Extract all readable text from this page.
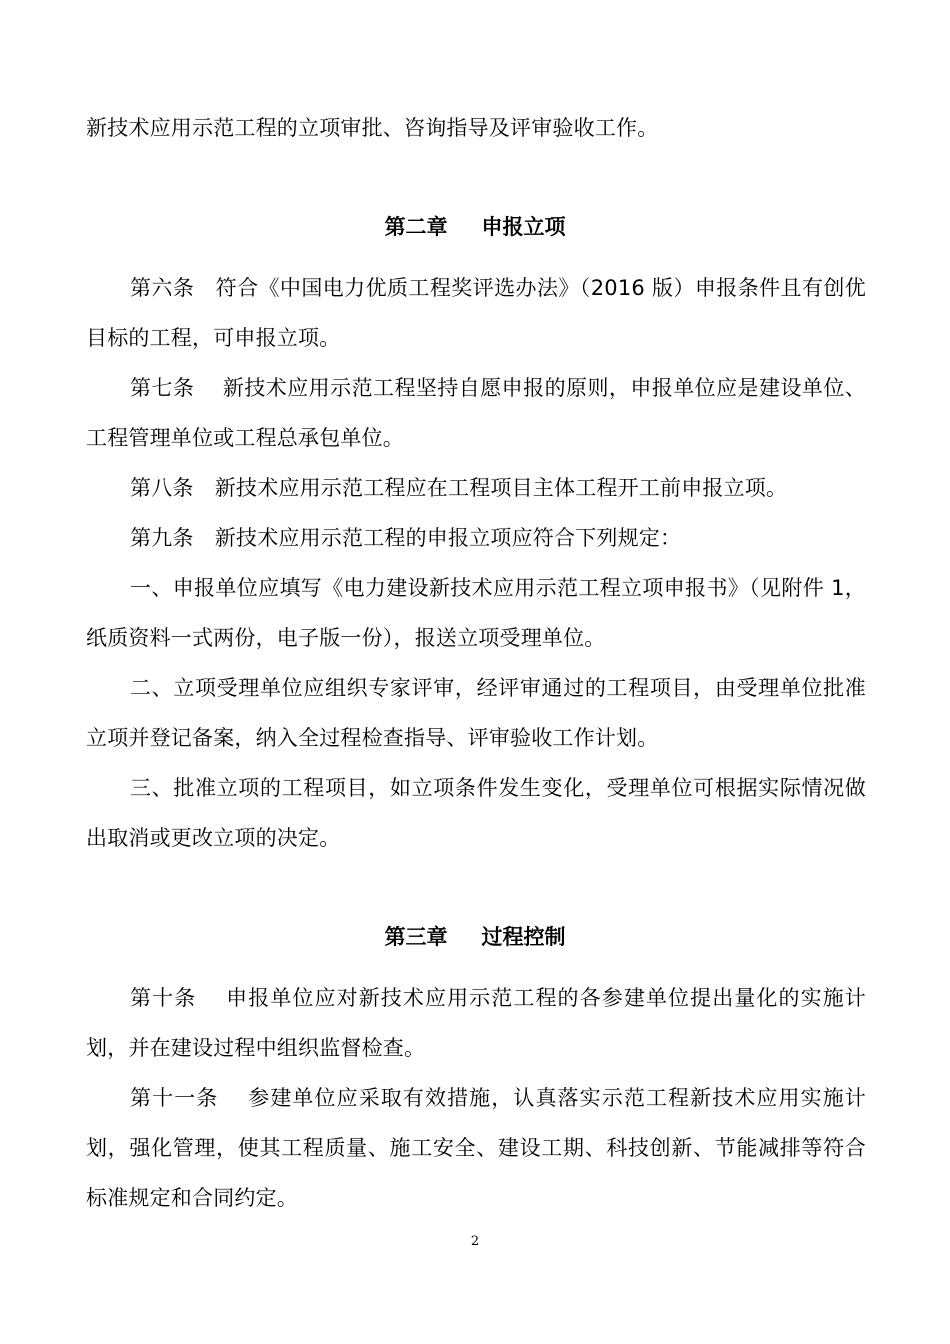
新技术应用示范工程的立项审批、咨询指导及评审验收工作。

第二章 申报立项

第六条　符合《中国电力优质工程奖评选办法》（2016 版）申报条件且有创优目标的工程，可申报立项。

第七条　 新技术应用示范工程坚持自愿申报的原则，申报单位应是建设单位、工程管理单位或工程总承包单位。

第八条　新技术应用示范工程应在工程项目主体工程开工前申报立项。

第九条　新技术应用示范工程的申报立项应符合下列规定：

一、申报单位应填写《电力建设新技术应用示范工程立项申报书》（见附件 1，纸质资料一式两份，电子版一份），报送立项受理单位。

二、立项受理单位应组织专家评审，经评审通过的工程项目，由受理单位批准立项并登记备案，纳入全过程检查指导、评审验收工作计划。

三、批准立项的工程项目，如立项条件发生变化，受理单位可根据实际情况做出取消或更改立项的决定。

第三章 过程控制

第十条　 申报单位应对新技术应用示范工程的各参建单位提出量化的实施计划，并在建设过程中组织监督检查。

第十一条　 参建单位应采取有效措施，认真落实示范工程新技术应用实施计划，强化管理，使其工程质量、施工安全、建设工期、科技创新、节能减排等符合标准规定和合同约定。

2
